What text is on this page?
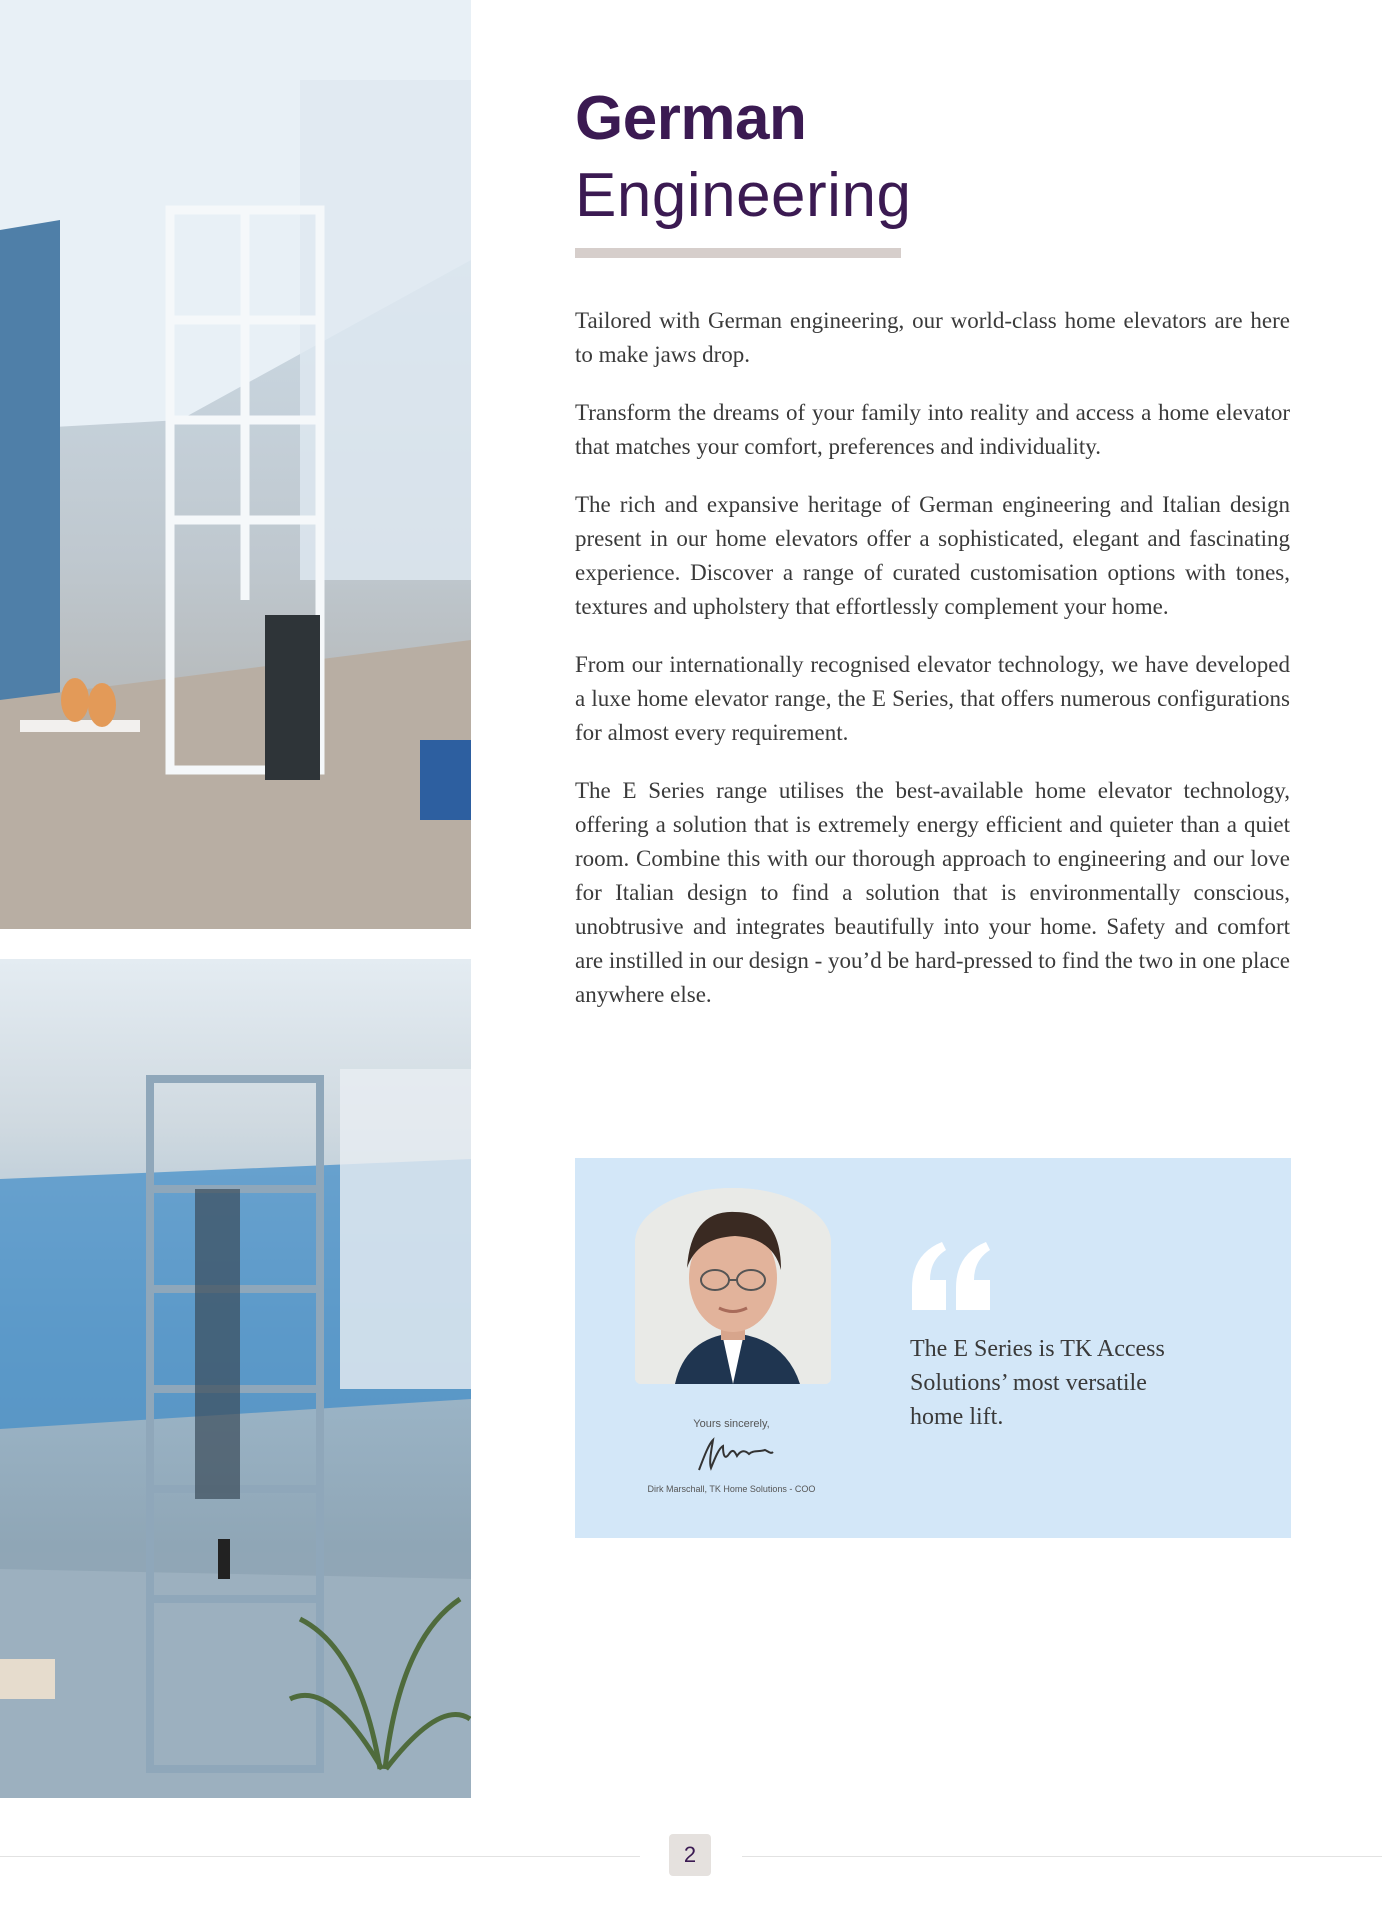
German
Engineering

Tailored with German engineering, our world-class home elevators are here to make jaws drop.

Transform the dreams of your family into reality and access a home elevator that matches your comfort, preferences and individuality.

The rich and expansive heritage of German engineering and Italian design present in our home elevators offer a sophisticated, elegant and fascinating experience. Discover a range of curated customisation options with tones, textures and upholstery that effortlessly complement your home.

From our internationally recognised elevator technology, we have developed a luxe home elevator range, the E Series, that offers numerous configurations for almost every requirement.

The E Series range utilises the best-available home elevator technology, offering a solution that is extremely energy efficient and quieter than a quiet room. Combine this with our thorough approach to engineering and our love for Italian design to find a solution that is environmentally conscious, unobtrusive and integrates beautifully into your home. Safety and comfort are instilled in our design - you’d be hard-pressed to find the two in one place anywhere else.

Yours sincerely,
Dirk Marschall, TK Home Solutions - COO
The E Series is TK Access Solutions’ most versatile home lift.
2
